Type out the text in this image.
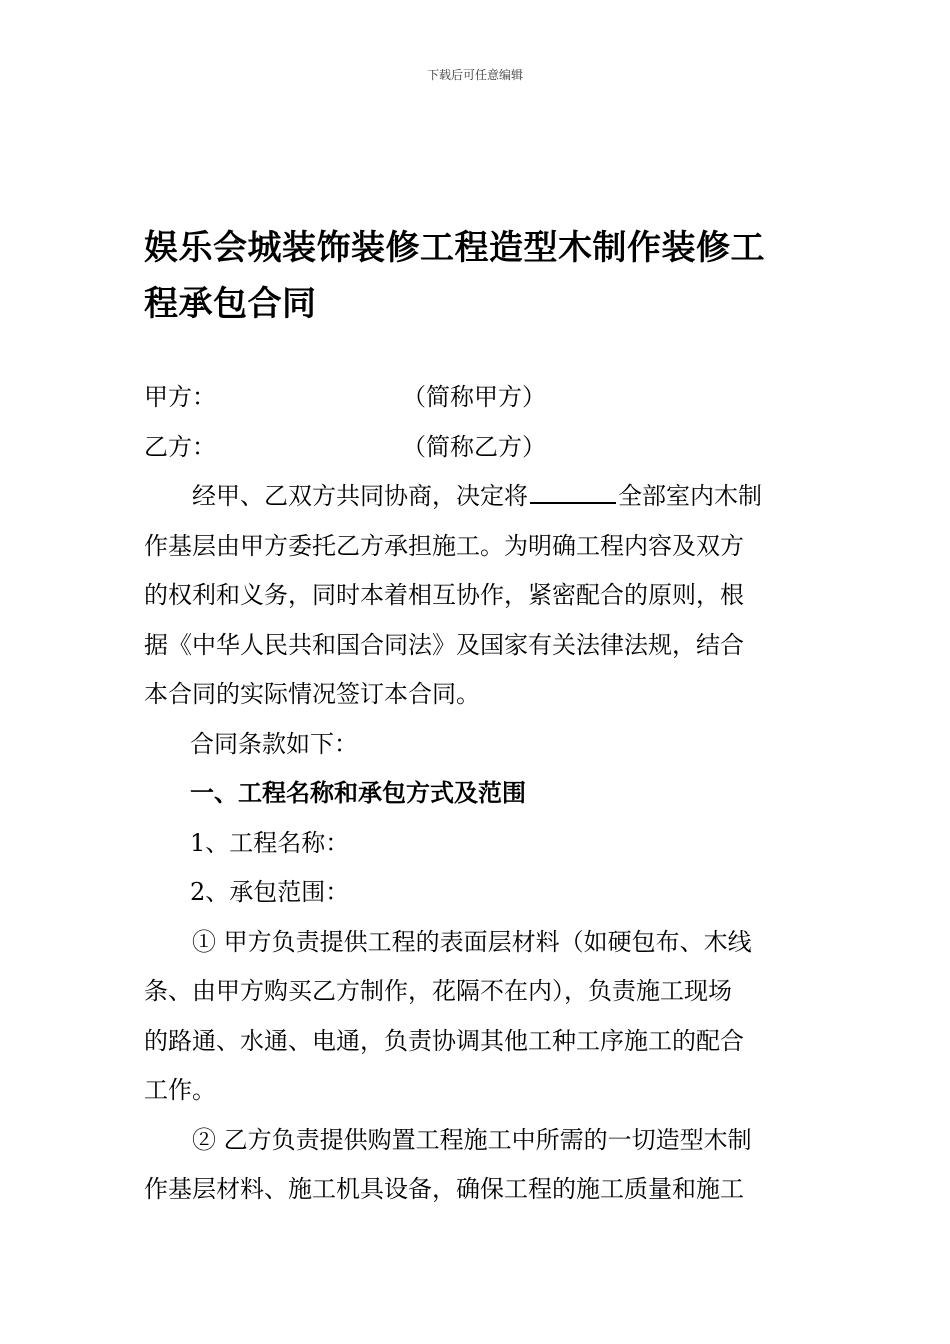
下载后可任意编辑
娱乐会城装饰装修工程造型木制作装修工
程承包合同
甲方：	（简称甲方）
乙方：	（简称乙方）
经甲、乙双方共同协商，决定将	全部室内木制
作基层由甲方委托乙方承担施工。为明确工程内容及双方
的权利和义务，同时本着相互协作，紧密配合的原则，根
据《中华人民共和国合同法》及国家有关法律法规，结合
本合同的实际情况签订本合同。
合同条款如下：
一、工程名称和承包方式及范围
1、工程名称：
2、承包范围：
① 甲方负责提供工程的表面层材料（如硬包布、木线
条、由甲方购买乙方制作，花隔不在内），负责施工现场
的路通、水通、电通，负责协调其他工种工序施工的配合
工作。
② 乙方负责提供购置工程施工中所需的一切造型木制
作基层材料、施工机具设备，确保工程的施工质量和施工
